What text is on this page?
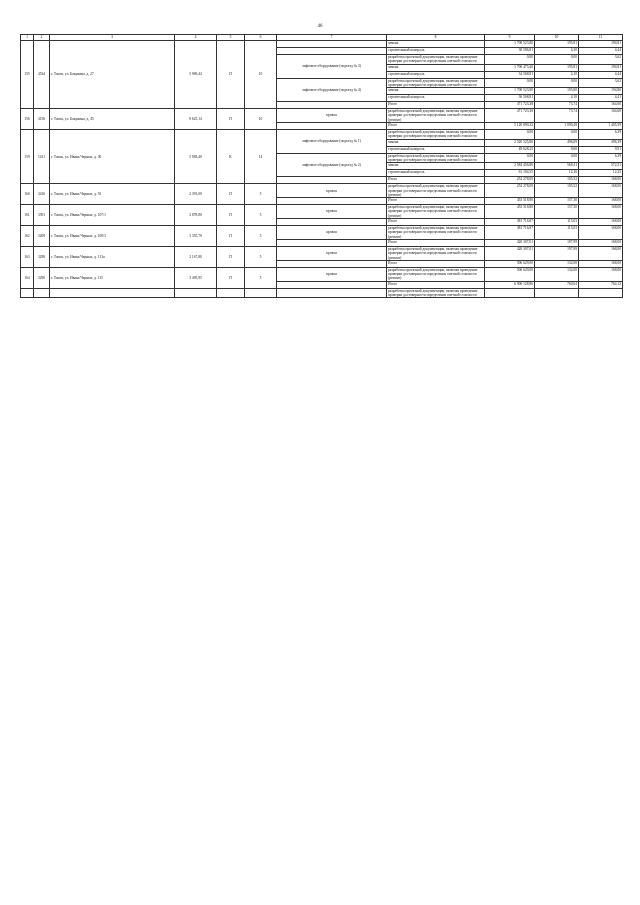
46
1	2	3	4	5	6	7	8	9	10	11
155	4534	г. Томск, ул. Бакунина, д. 27	5 969,44	П	10		замена	1 708 523,80	195,81	194,81
							строительный контроль	38 586,81	4,30	4,44
						лифтовое оборудование (подъезд № 3)	разработка проектной документации, включая проведение проверки достоверности определения сметной стоимости	0,00	0,00	3,62
							замена	1 706 473,40	195,81	194,81
							строительный контроль	34 568,81	4,10	4,44
						лифтовое оборудование (подъезд № 4)	разработка проектной документации, включая проведение проверки достоверности определения сметной стоимости	0,00	0,00	3,62
							замена	1 708 523,80	195,80	194,80
							строительный контроль	36 568,81	4,10	4,41
							Итого	471 723,38	73,74	164,60
156	4156	г. Томск, ул. Бакунина, д. 45	8 625,14	П	10	кровля	разработка проектной документации, включая проведение проверки достоверности определения сметной стоимости (ремонт)	471 723,38	73,74	164,60
							Итого	5 120 890,32	1 090,49	1 405,59
159	1411	г. Томск, ул. Ивана Черных, д. 30	5 083,40	К	14	лифтовое оборудование (подъезд № 1)	разработка проектной документации, включая проведение проверки достоверности определения сметной стоимости	0,00	0,00	6,39
							замена	2 520 525,86	496,09	496,39
							строительный контроль	49 628,25	9,60	9,91
						лифтовое оборудование (подъезд № 2)	разработка проектной документации, включая проведение проверки достоверности определения сметной стоимости	0,00	0,00	6,39
							замена	2 584 456,86	568,41	572,51
							строительный контроль	61 104,55	12,16	12,25
							Итого	252 278,09	105,52	168,00
160	3416	г. Томск, ул. Ивана Черных, д. 91	2 391,00	П	5	кровля	разработка проектной документации, включая проведение проверки достоверности определения сметной стоимости (ремонт)	252 278,09	105,52	168,00
							Итого	453 518,80	157,30	168,00
161	3391	г. Томск, ул. Ивана Черных, д. 107/1	2 878,80	П	5	кровля	разработка проектной документации, включая проведение проверки достоверности определения сметной стоимости (ремонт)	453 518,80	157,30	168,00
							Итого	381 716,87	115,03	168,00
162	3209	г. Томск, ул. Ивана Черных, д. 109/3	3 355,79	П	5	кровля	разработка проектной документации, включая проведение проверки достоверности определения сметной стоимости (ремонт)	381 716,87	115,03	168,00
							Итого	420 307,01	197,99	168,00
163	3298	г. Томск, ул. Ивана Черных, д. 113а	2 167,80	П	5	кровля	разработка проектной документации, включая проведение проверки достоверности определения сметной стоимости (ремонт)	420 307,01	197,99	168,00
							Итого	506 629,00	132,00	168,00
164	3290	г. Томск, ул. Ивана Черных, д. 115	3 495,95	П	5	кровля	разработка проектной документации, включая проведение проверки достоверности определения сметной стоимости (ремонт)	506 629,00	132,00	168,00
							Итого	6 906 128,86	760,04	764,12
							разработка проектной документации, включая проведение проверки достоверности определения сметной стоимости			
